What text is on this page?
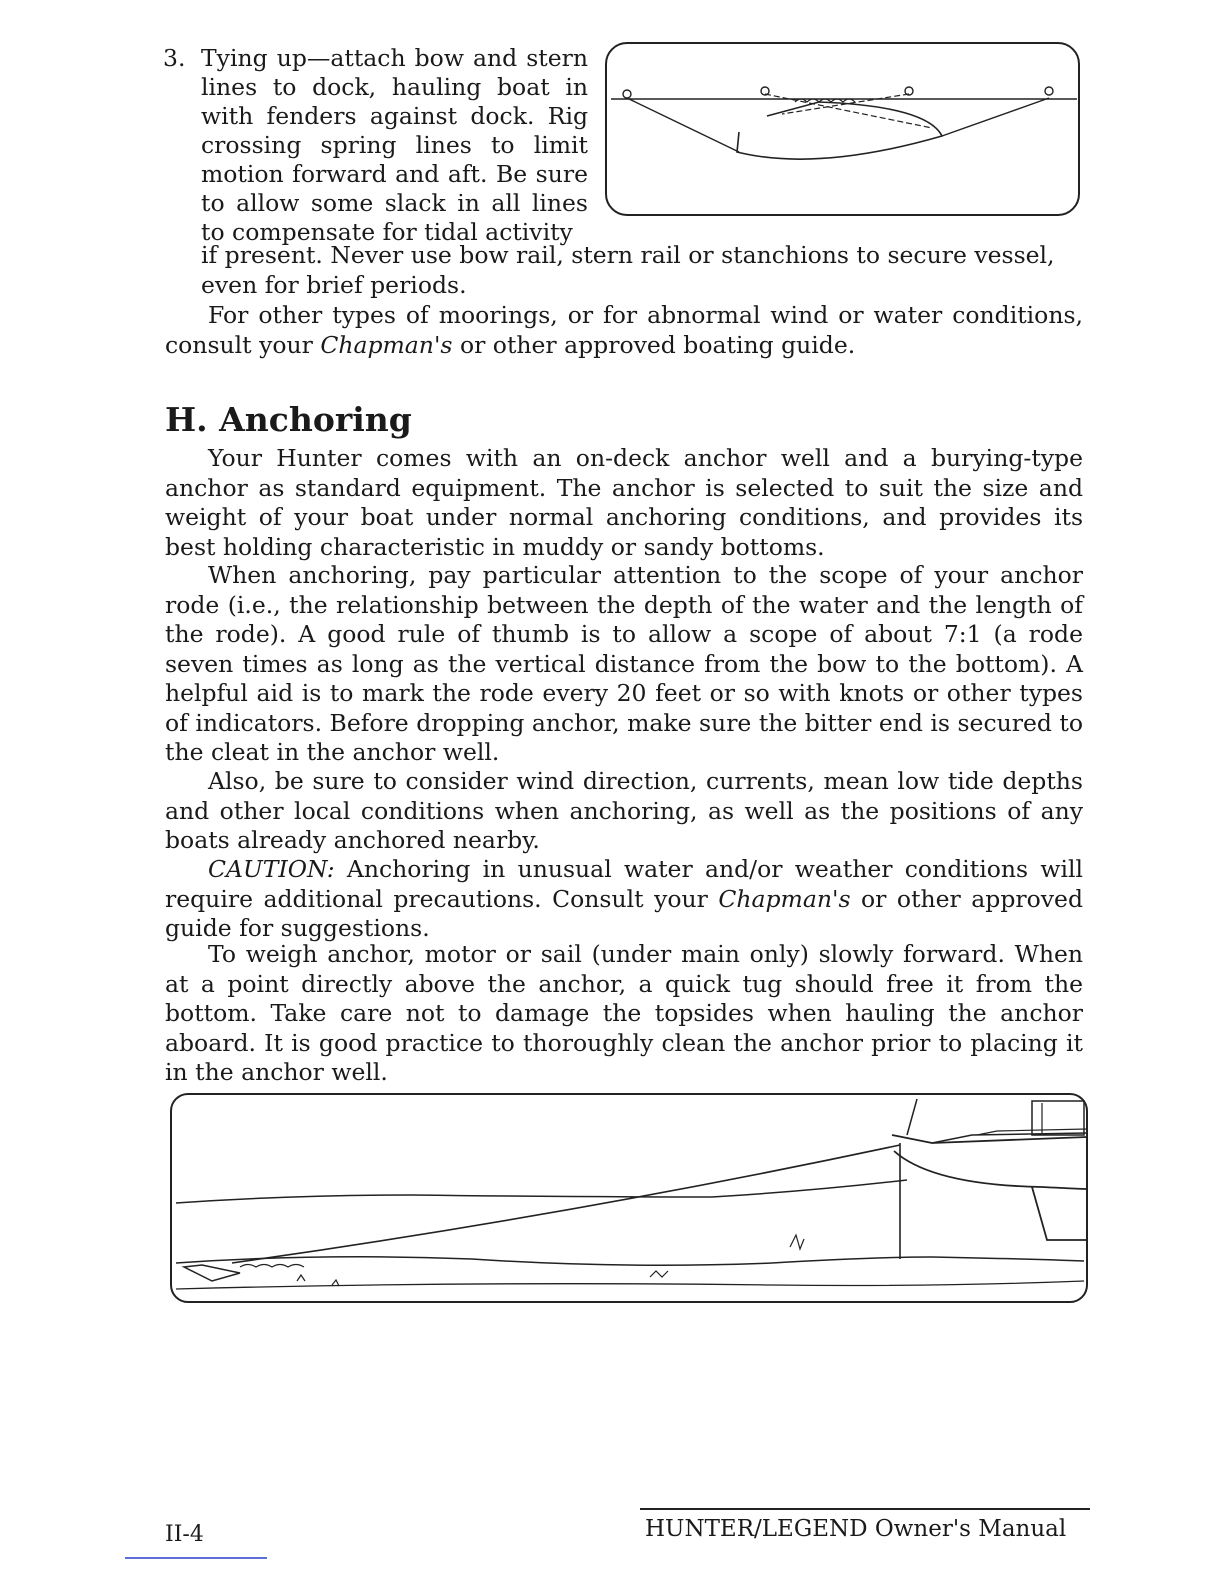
3. Tying up—attach bow and stern lines to dock, hauling boat in with fenders against dock. Rig crossing spring lines to limit motion forward and aft. Be sure to allow some slack in all lines to compensate for tidal activity
if present. Never use bow rail, stern rail or stanchions to secure vessel, even for brief periods.
For other types of moorings, or for abnormal wind or water conditions, consult your Chapman's or other approved boating guide.
H. Anchoring
Your Hunter comes with an on-deck anchor well and a burying-type anchor as standard equipment. The anchor is selected to suit the size and weight of your boat under normal anchoring conditions, and provides its best holding characteristic in muddy or sandy bottoms.
When anchoring, pay particular attention to the scope of your anchor rode (i.e., the relationship between the depth of the water and the length of the rode). A good rule of thumb is to allow a scope of about 7:1 (a rode seven times as long as the vertical distance from the bow to the bottom). A helpful aid is to mark the rode every 20 feet or so with knots or other types of indicators. Before dropping anchor, make sure the bitter end is secured to the cleat in the anchor well.
Also, be sure to consider wind direction, currents, mean low tide depths and other local conditions when anchoring, as well as the positions of any boats already anchored nearby.
CAUTION: Anchoring in unusual water and/or weather conditions will require additional precautions. Consult your Chapman's or other approved guide for suggestions.
To weigh anchor, motor or sail (under main only) slowly forward. When at a point directly above the anchor, a quick tug should free it from the bottom. Take care not to damage the topsides when hauling the anchor aboard. It is good practice to thoroughly clean the anchor prior to placing it in the anchor well.
II-4	HUNTER/LEGEND Owner's Manual
